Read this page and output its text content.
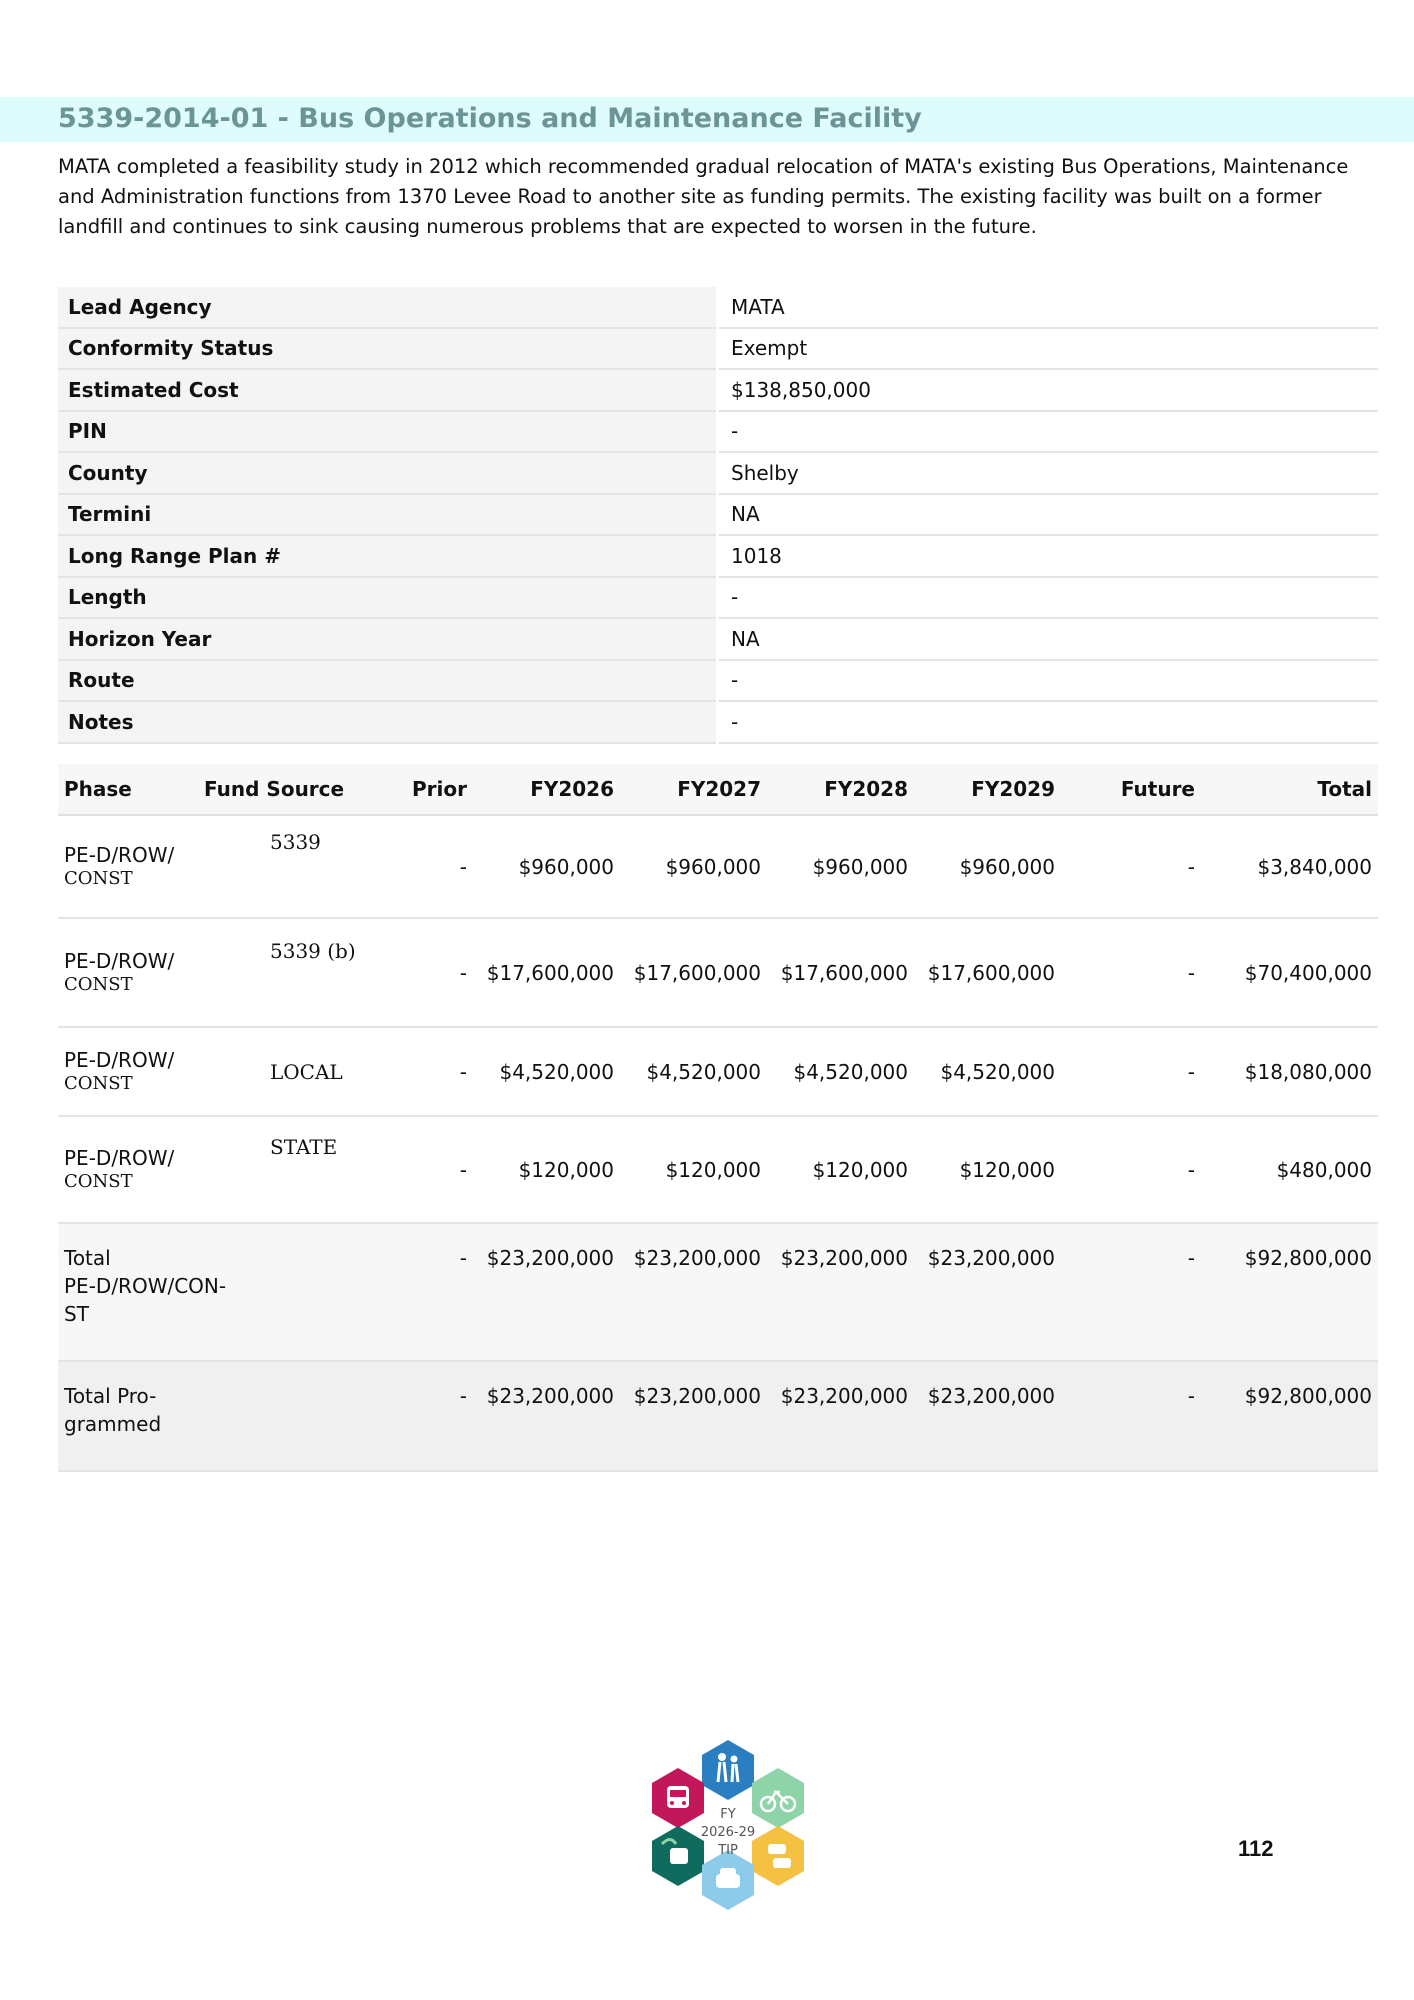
5339-2014-01 - Bus Operations and Maintenance Facility
MATA completed a feasibility study in 2012 which recommended gradual relocation of MATA's existing Bus Operations, Maintenance and Administration functions from 1370 Levee Road to another site as funding permits. The existing facility was built on a former landfill and continues to sink causing numerous problems that are expected to worsen in the future.
Lead Agency	MATA
Conformity Status	Exempt
Estimated Cost	$138,850,000
PIN	-
County	Shelby
Termini	NA
Long Range Plan #	1018
Length	-
Horizon Year	NA
Route	-
Notes	-
Phase	Fund Source	Prior	FY2026	FY2027	FY2028	FY2029	Future	Total

PE-D/ROW/
CONST	5339	-	$960,000	$960,000	$960,000	$960,000	-	$3,840,000

PE-D/ROW/
CONST	5339 (b)	-	$17,600,000	$17,600,000	$17,600,000	$17,600,000	-	$70,400,000

PE-D/ROW/
CONST	LOCAL	-	$4,520,000	$4,520,000	$4,520,000	$4,520,000	-	$18,080,000

PE-D/ROW/
CONST	STATE	-	$120,000	$120,000	$120,000	$120,000	-	$480,000

Total
PE-D/ROW/CON-
ST		-	$23,200,000	$23,200,000	$23,200,000	$23,200,000	-	$92,800,000

Total Pro-
grammed		-	$23,200,000	$23,200,000	$23,200,000	$23,200,000	-	$92,800,000
FY
2026-29
TIP	112
